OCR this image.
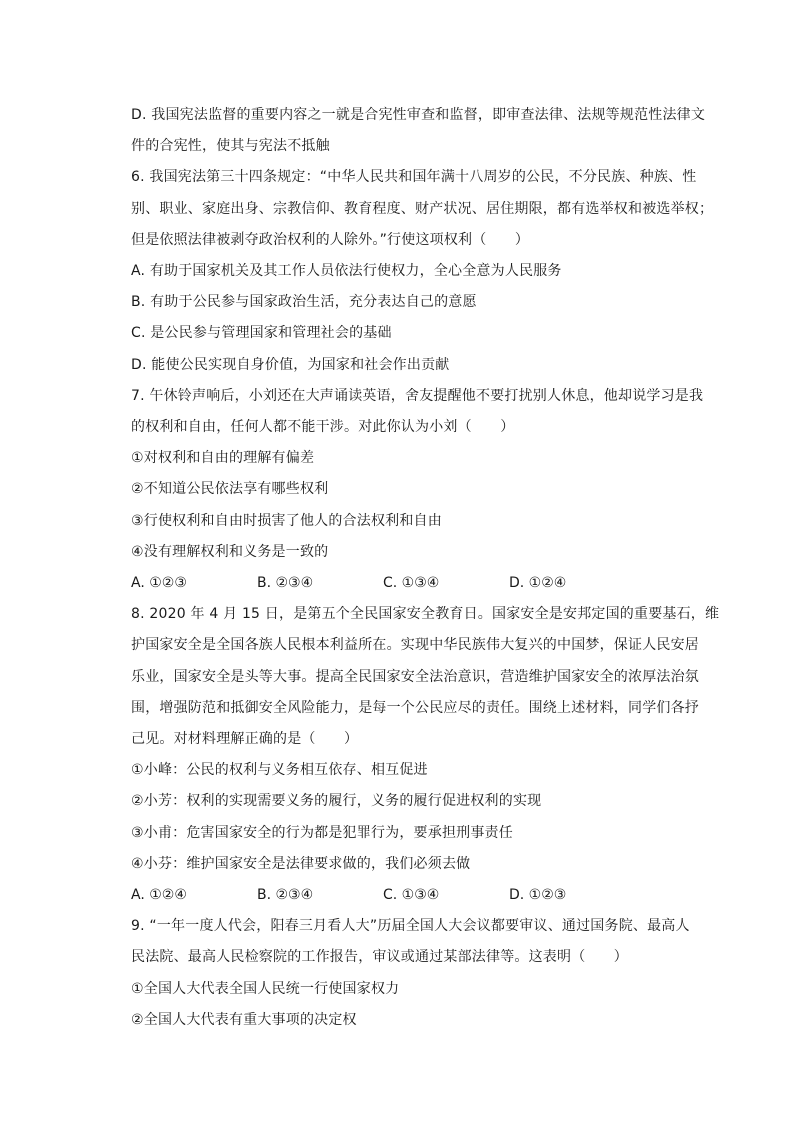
D. 我国宪法监督的重要内容之一就是合宪性审查和监督，即审查法律、法规等规范性法律文
件的合宪性，使其与宪法不抵触
6. 我国宪法第三十四条规定：“中华人民共和国年满十八周岁的公民，不分民族、种族、性
别、职业、家庭出身、宗教信仰、教育程度、财产状况、居住期限，都有选举权和被选举权；
但是依照法律被剥夺政治权利的人除外。”行使这项权利（　　）
A. 有助于国家机关及其工作人员依法行使权力，全心全意为人民服务
B. 有助于公民参与国家政治生活，充分表达自己的意愿
C. 是公民参与管理国家和管理社会的基础
D. 能使公民实现自身价值，为国家和社会作出贡献
7. 午休铃声响后，小刘还在大声诵读英语，舍友提醒他不要打扰别人休息，他却说学习是我
的权利和自由，任何人都不能干涉。对此你认为小刘（　　）
①对权利和自由的理解有偏差
②不知道公民依法享有哪些权利
③行使权利和自由时损害了他人的合法权利和自由
④没有理解权利和义务是一致的
A. ①②③	B. ②③④	C. ①③④	D. ①②④
8. 2020 年 4 月 15 日，是第五个全民国家安全教育日。国家安全是安邦定国的重要基石，维
护国家安全是全国各族人民根本利益所在。实现中华民族伟大复兴的中国梦，保证人民安居
乐业，国家安全是头等大事。提高全民国家安全法治意识，营造维护国家安全的浓厚法治氛
围，增强防范和抵御安全风险能力，是每一个公民应尽的责任。围绕上述材料，同学们各抒
己见。对材料理解正确的是（　　）
①小峰：公民的权利与义务相互依存、相互促进
②小芳：权利的实现需要义务的履行，义务的履行促进权利的实现
③小甫：危害国家安全的行为都是犯罪行为，要承担刑事责任
④小芬：维护国家安全是法律要求做的，我们必须去做
A. ①②④	B. ②③④	C. ①③④	D. ①②③
9. “一年一度人代会，阳春三月看人大”历届全国人大会议都要审议、通过国务院、最高人
民法院、最高人民检察院的工作报告，审议或通过某部法律等。这表明（　　）
①全国人大代表全国人民统一行使国家权力
②全国人大代表有重大事项的决定权
